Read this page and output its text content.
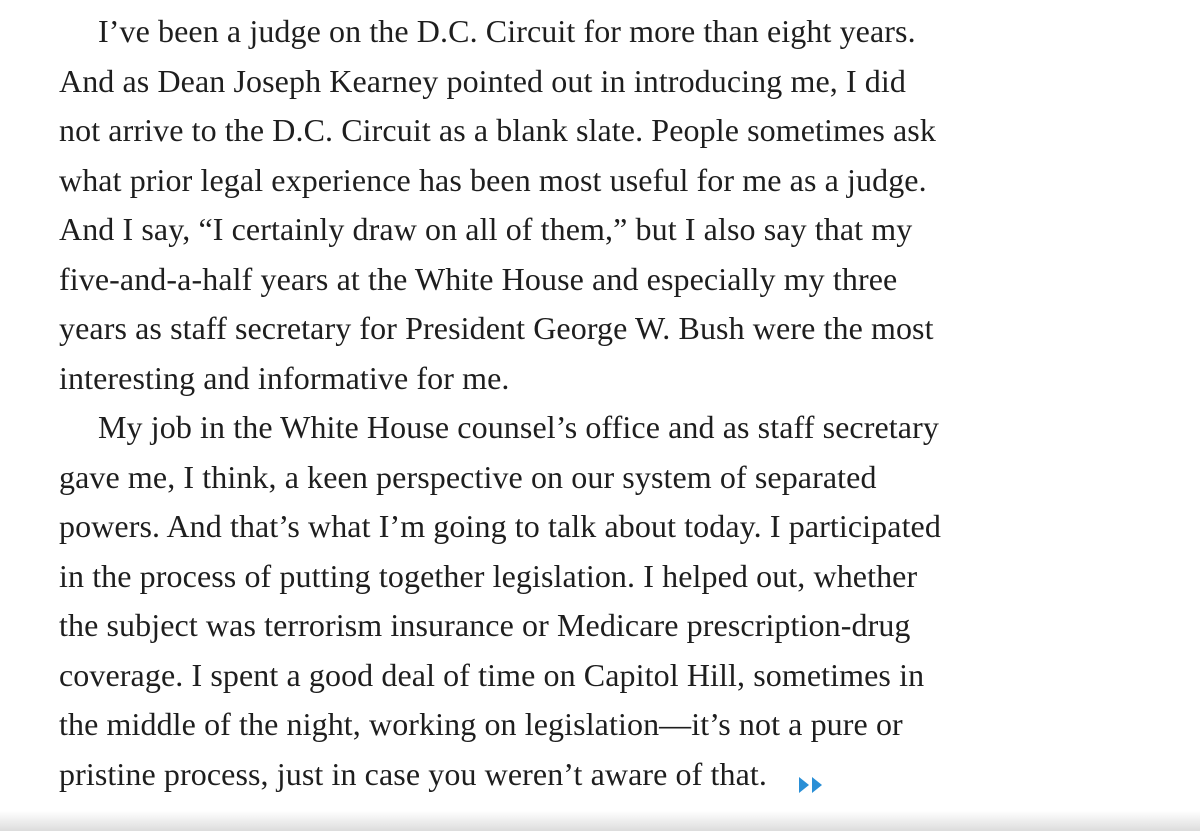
I’ve been a judge on the D.C. Circuit for more than eight years.
And as Dean Joseph Kearney pointed out in introducing me, I did
not arrive to the D.C. Circuit as a blank slate. People sometimes ask
what prior legal experience has been most useful for me as a judge.
And I say, “I certainly draw on all of them,” but I also say that my
five-and-a-half years at the White House and especially my three
years as staff secretary for President George W. Bush were the most
interesting and informative for me.

My job in the White House counsel’s office and as staff secretary
gave me, I think, a keen perspective on our system of separated
powers. And that’s what I’m going to talk about today. I participated
in the process of putting together legislation. I helped out, whether
the subject was terrorism insurance or Medicare prescription-drug
coverage. I spent a good deal of time on Capitol Hill, sometimes in
the middle of the night, working on legislation—it’s not a pure or
pristine process, just in case you weren’t aware of that.
